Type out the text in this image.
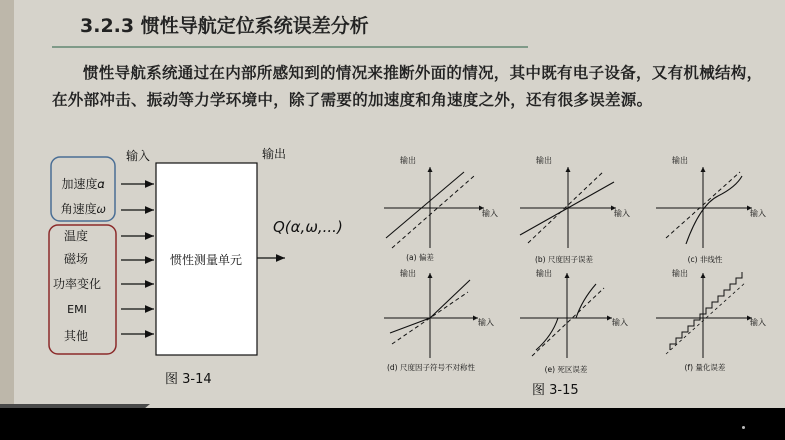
3.2.3 惯性导航定位系统误差分析
惯性导航系统通过在内部所感知到的情况来推断外面的情况，其中既有电子设备，又有机械结构，在外部冲击、振动等力学环境中，除了需要的加速度和角速度之外，还有很多误差源。
输入	输出
惯性测量单元
加速度𝛼
角速度𝜔
温度
磁场
功率变化
EMI
其他
Q(α,ω,...)
图 3-14
输出
输入
(a) 偏差
输出
输入
(b) 尺度因子误差
输出
输入
(c) 非线性
输出
输入
(d) 尺度因子符号不对称性
输出
输入
(e) 死区误差
输出
输入
(f) 量化误差
图 3-15
